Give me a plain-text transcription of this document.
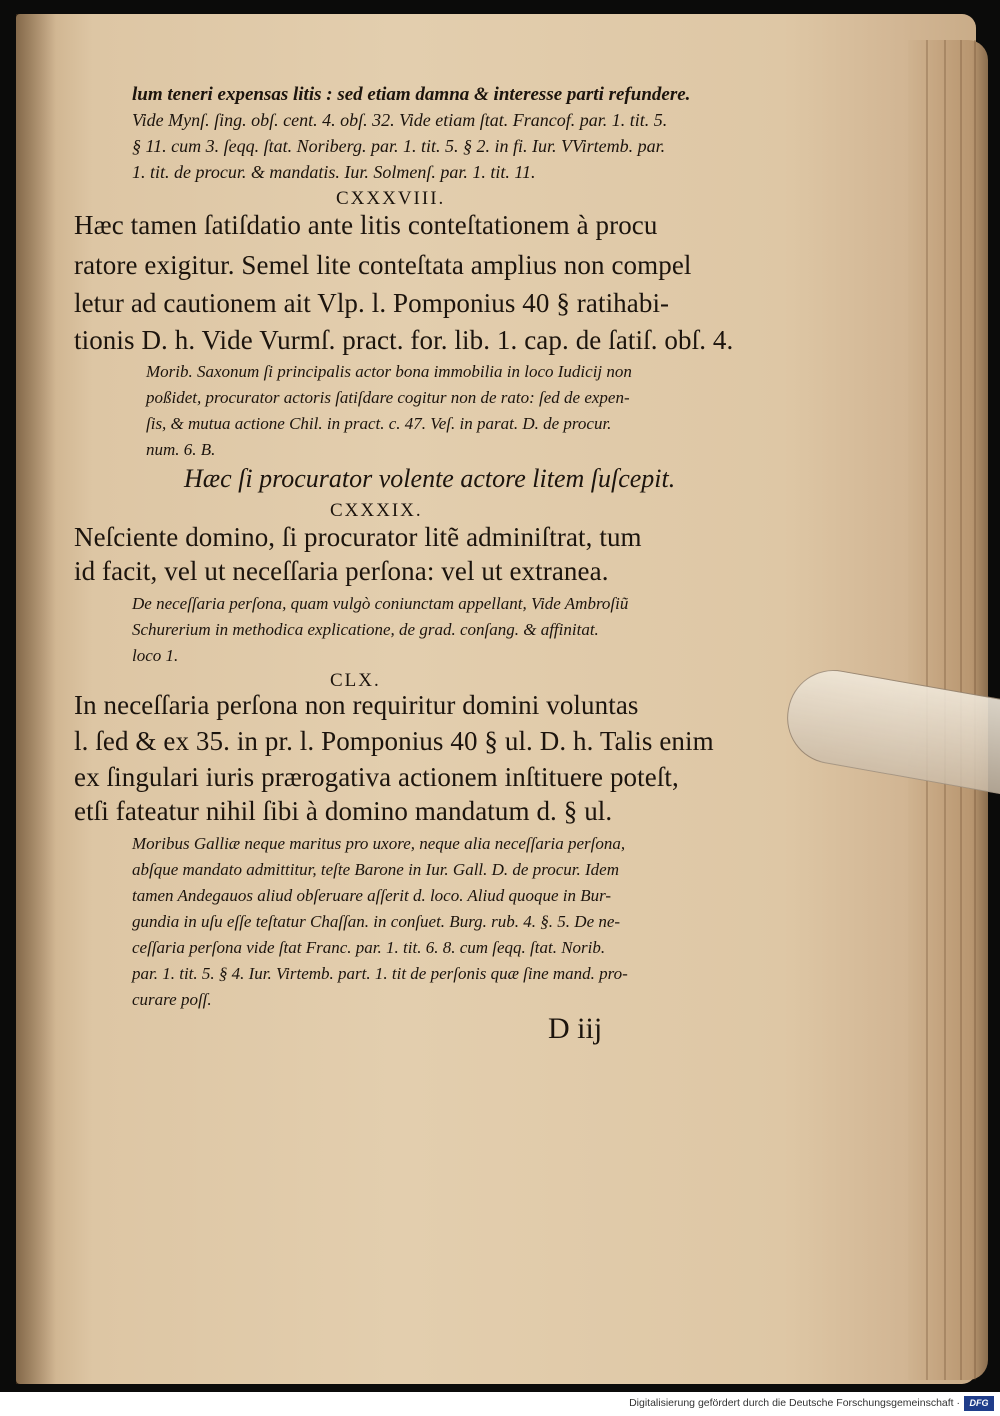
lum teneri expensas litis : sed etiam damna & interesse parti refundere.
Vide Mynſ. ſing. obſ. cent. 4. obſ. 32. Vide etiam ſtat. Francof. par. 1. tit. 5.
§ 11. cum 3. ſeqq. ſtat. Noriberg. par. 1. tit. 5. § 2. in fi. Iur. VVirtemb. par.
1. tit. de procur. & mandatis. Iur. Solmenſ. par. 1. tit. 11.
CXXXVIII.
Hæc tamen ſatiſdatio ante litis conteſtationem à procu
ratore exigitur. Semel lite conteſtata amplius non compel
letur ad cautionem ait Vlp. l. Pomponius 40 § ratihabi-
tionis D. h. Vide Vurmſ. pract. for. lib. 1. cap. de ſatiſ. obſ. 4.
Morib. Saxonum ſi principalis actor bona immobilia in loco Iudicij non
poßidet, procurator actoris ſatiſdare cogitur non de rato: ſed de expen-
ſis, & mutua actione Chil. in pract. c. 47. Veſ. in parat. D. de procur.
num. 6. B.
Hæc ſi procurator volente actore litem ſuſcepit.
CXXXIX.
Neſciente domino, ſi procurator litẽ adminiſtrat, tum
id facit, vel ut neceſſaria perſona: vel ut extranea.
De neceſſaria perſona, quam vulgò coniunctam appellant, Vide Ambroſiũ
Schurerium in methodica explicatione, de grad. conſang. & affinitat.
loco 1.
CLX.
In neceſſaria perſona non requiritur domini voluntas
l. ſed & ex 35. in pr. l. Pomponius 40 § ul. D. h. Talis enim
ex ſingulari iuris prærogativa actionem inſtituere poteſt,
etſi fateatur nihil ſibi à domino mandatum d. § ul.
Moribus Galliæ neque maritus pro uxore, neque alia neceſſaria perſona,
abſque mandato admittitur, teſte Barone in Iur. Gall. D. de procur. Idem
tamen Andegauos aliud obſeruare aſſerit d. loco. Aliud quoque in Bur-
gundia in uſu eſſe teſtatur Chaſſan. in conſuet. Burg. rub. 4. §. 5. De ne-
ceſſaria perſona vide ſtat Franc. par. 1. tit. 6. 8. cum ſeqq. ſtat. Norib.
par. 1. tit. 5. § 4. Iur. Virtemb. part. 1. tit de perſonis quæ ſine mand. pro-
curare poſſ.
D iij
Digitalisierung gefördert durch die Deutsche Forschungsgemeinschaft ·	DFG
